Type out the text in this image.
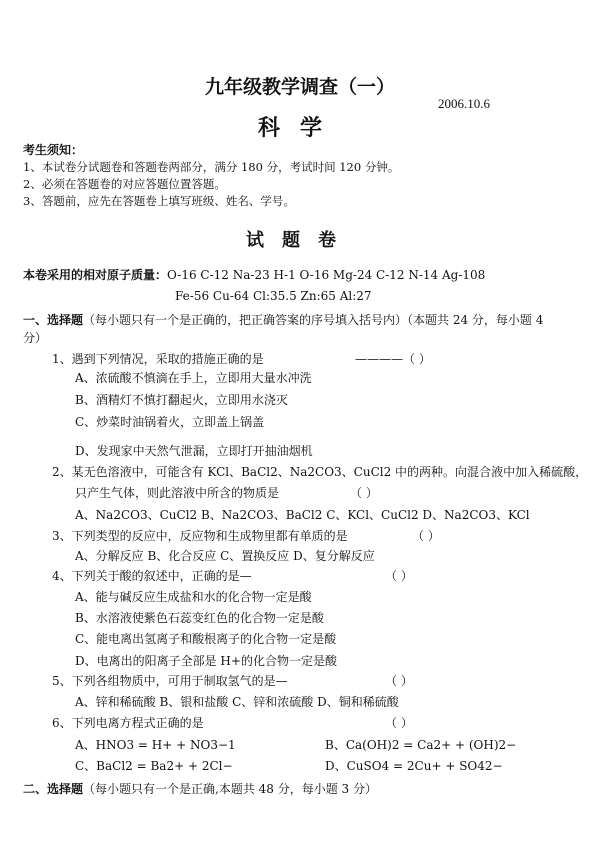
九年级教学调查（一）
2006.10.6
科学
考生须知：
1、本试卷分试题卷和答题卷两部分，满分 180 分，考试时间 120 分钟。
2、必须在答题卷的对应答题位置答题。
3、答题前，应先在答题卷上填写班级、姓名、学号。
试题卷
本卷采用的相对原子质量：O-16 C-12 Na-23 H-1 O-16 Mg-24 C-12 N-14 Ag-108
Fe-56 Cu-64 Cl:35.5 Zn:65 Al:27
一、选择题（每小题只有一个是正确的，把正确答案的序号填入括号内）（本题共 24 分，每小题 4
分）
1、遇到下列情况，采取的措施正确的是	————（ ）
A、浓硫酸不慎滴在手上，立即用大量水冲洗
B、酒精灯不慎打翻起火，立即用水浇灭
C、炒菜时油锅着火，立即盖上锅盖
D、发现家中天然气泄漏，立即打开抽油烟机
2、某无色溶液中，可能含有 KCl、BaCl2、Na2CO3、CuCl2 中的两种。向混合液中加入稀硫酸，
只产生气体，则此溶液中所含的物质是	（ ）
A、Na2CO3、CuCl2 B、Na2CO3、BaCl2 C、KCl、CuCl2 D、Na2CO3、KCl
3、下列类型的反应中，反应物和生成物里都有单质的是	（ ）
A、分解反应 B、化合反应 C、置换反应 D、复分解反应
4、下列关于酸的叙述中，正确的是—	（ ）
A、能与碱反应生成盐和水的化合物一定是酸
B、水溶液使紫色石蕊变红色的化合物一定是酸
C、能电离出氢离子和酸根离子的化合物一定是酸
D、电离出的阳离子全部是 H+的化合物一定是酸
5、下列各组物质中，可用于制取氢气的是—	（ ）
A、锌和稀硫酸 B、银和盐酸 C、锌和浓硫酸 D、铜和稀硫酸
6、下列电离方程式正确的是	（ ）
A、HNO3 = H+ + NO3−1	B、Ca(OH)2 = Ca2+ + (OH)2−
C、BaCl2 = Ba2+ + 2Cl−	D、CuSO4 = 2Cu+ + SO42−
二、选择题（每小题只有一个是正确,本题共 48 分，每小题 3 分）
